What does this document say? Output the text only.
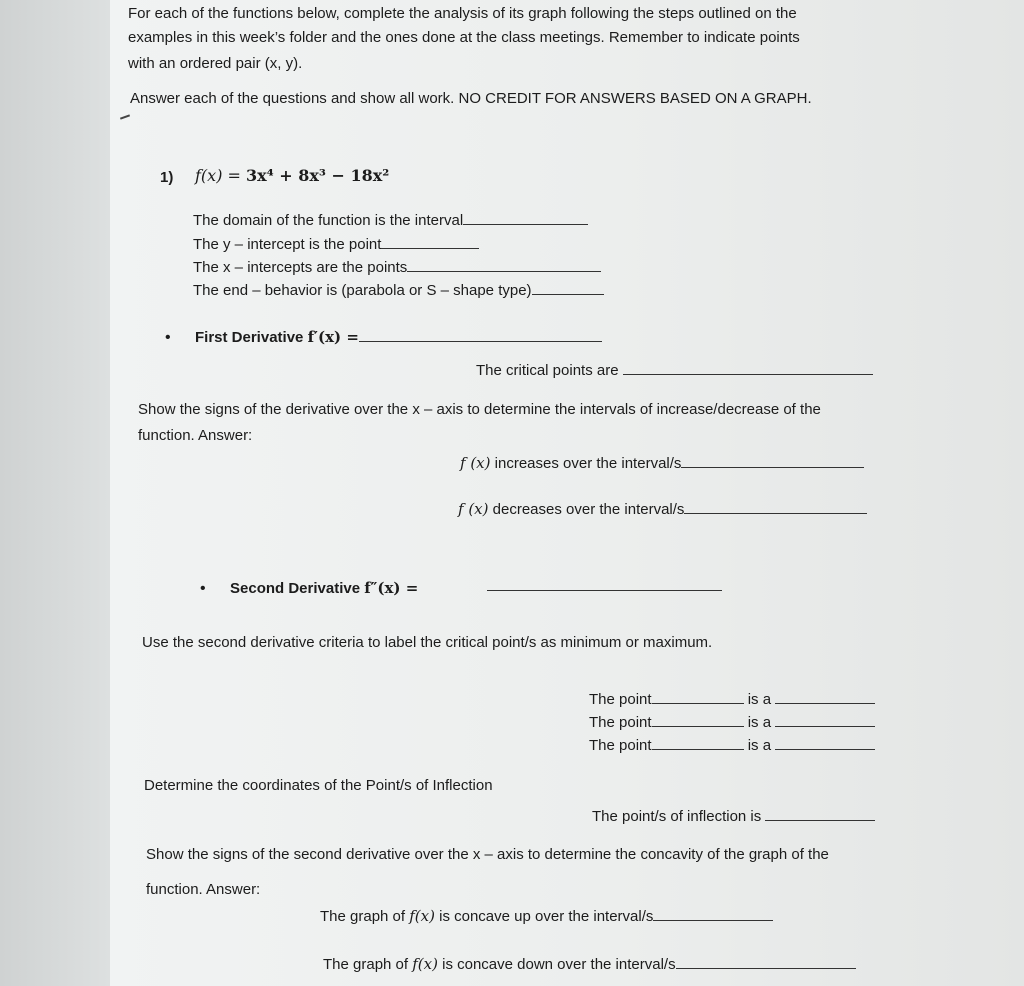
For each of the functions below, complete the analysis of its graph following the steps outlined on the
examples in this week’s folder and the ones done at the class meetings. Remember to indicate points
with an ordered pair (x, y).
Answer each of the questions and show all work. NO CREDIT FOR ANSWERS BASED ON A GRAPH.
1) f(x) = 3x⁴ + 8x³ − 18x²
The domain of the function is the interval
The y – intercept is the point
The x – intercepts are the points
The end – behavior is (parabola or S – shape type)
• First Derivative f′(x) =
The critical points are
Show the signs of the derivative over the x – axis to determine the intervals of increase/decrease of the
function. Answer:
f (x) increases over the interval/s
f (x) decreases over the interval/s
• Second Derivative f″(x) =
Use the second derivative criteria to label the critical point/s as minimum or maximum.
The point	is a
The point	is a
The point	is a
Determine the coordinates of the Point/s of Inflection
The point/s of inflection is
Show the signs of the second derivative over the x – axis to determine the concavity of the graph of the
function. Answer:
The graph of f(x) is concave up over the interval/s
The graph of f(x) is concave down over the interval/s
